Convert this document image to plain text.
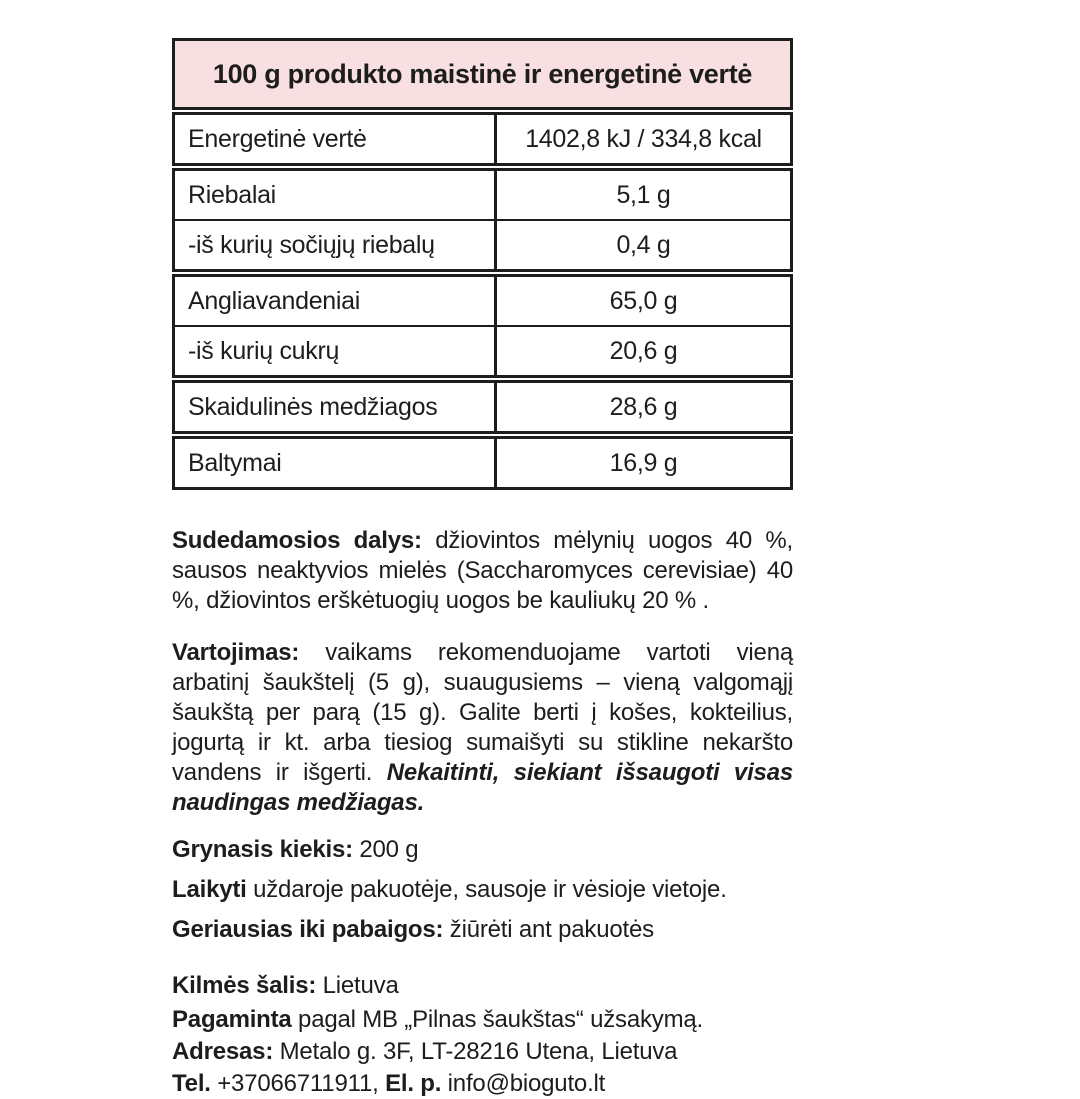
100 g produkto maistinė ir energetinė vertė
Energetinė vertė	1402,8 kJ / 334,8 kcal
Riebalai	5,1 g
-iš kurių sočiųjų riebalų	0,4 g
Angliavandeniai	65,0 g
-iš kurių cukrų	20,6 g
Skaidulinės medžiagos	28,6 g
Baltymai	16,9 g

Sudedamosios dalys: džiovintos mėlynių uogos 40 %, sausos neaktyvios mielės (Saccharomyces cerevisiae) 40 %, džiovintos erškėtuogių uogos be kauliukų 20 % .

Vartojimas: vaikams rekomenduojame vartoti vieną arbatinį šaukštelį (5 g), suaugusiems – vieną valgomąjį šaukštą per parą (15 g). Galite berti į košes, kokteilius, jogurtą ir kt. arba tiesiog sumaišyti su stikline nekaršto vandens ir išgerti. Nekaitinti, siekiant išsaugoti visas naudingas medžiagas.

Grynasis kiekis: 200 g

Laikyti uždaroje pakuotėje, sausoje ir vėsioje vietoje.

Geriausias iki pabaigos: žiūrėti ant pakuotės

Kilmės šalis: Lietuva

Pagaminta pagal MB „Pilnas šaukštas“ užsakymą.

Adresas: Metalo g. 3F, LT-28216 Utena, Lietuva

Tel. +37066711911, El. p. info@bioguto.lt
